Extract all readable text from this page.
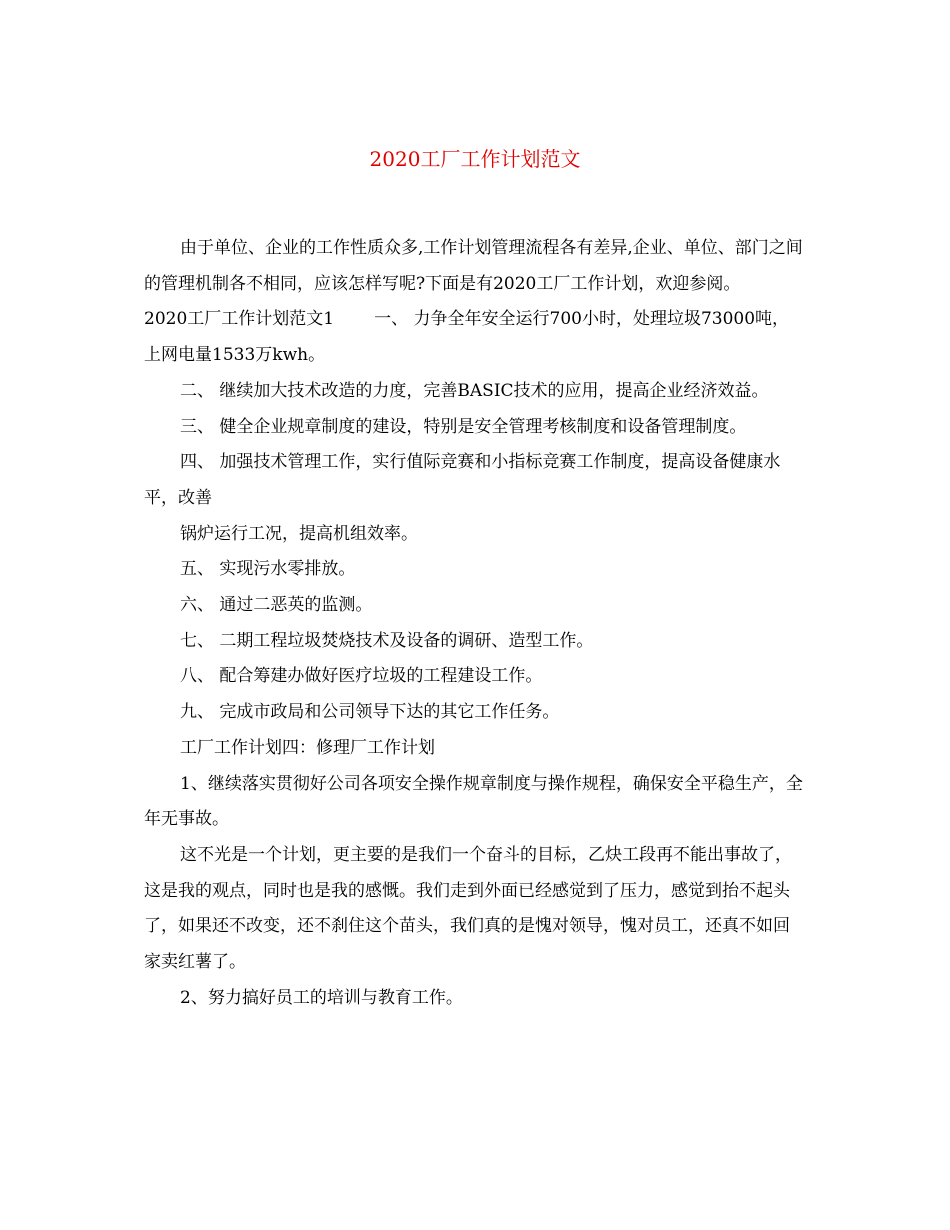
2020工厂工作计划范文

由于单位、企业的工作性质众多,工作计划管理流程各有差异,企业、单位、部门之间的管理机制各不相同，应该怎样写呢?下面是有2020工厂工作计划，欢迎参阅。

2020工厂工作计划范文1 一、 力争全年安全运行700小时，处理垃圾73000吨，上网电量1533万kwh。

二、 继续加大技术改造的力度，完善BASIC技术的应用，提高企业经济效益。

三、 健全企业规章制度的建设，特别是安全管理考核制度和设备管理制度。

四、 加强技术管理工作，实行值际竞赛和小指标竞赛工作制度，提高设备健康水平，改善

锅炉运行工况，提高机组效率。

五、 实现污水零排放。

六、 通过二恶英的监测。

七、 二期工程垃圾焚烧技术及设备的调研、造型工作。

八、 配合筹建办做好医疗垃圾的工程建设工作。

九、 完成市政局和公司领导下达的其它工作任务。

工厂工作计划四：修理厂工作计划

1、继续落实贯彻好公司各项安全操作规章制度与操作规程，确保安全平稳生产，全年无事故。

这不光是一个计划，更主要的是我们一个奋斗的目标，乙炔工段再不能出事故了，这是我的观点，同时也是我的感慨。我们走到外面已经感觉到了压力，感觉到抬不起头了，如果还不改变，还不刹住这个苗头，我们真的是愧对领导，愧对员工，还真不如回家卖红薯了。

2、努力搞好员工的培训与教育工作。
